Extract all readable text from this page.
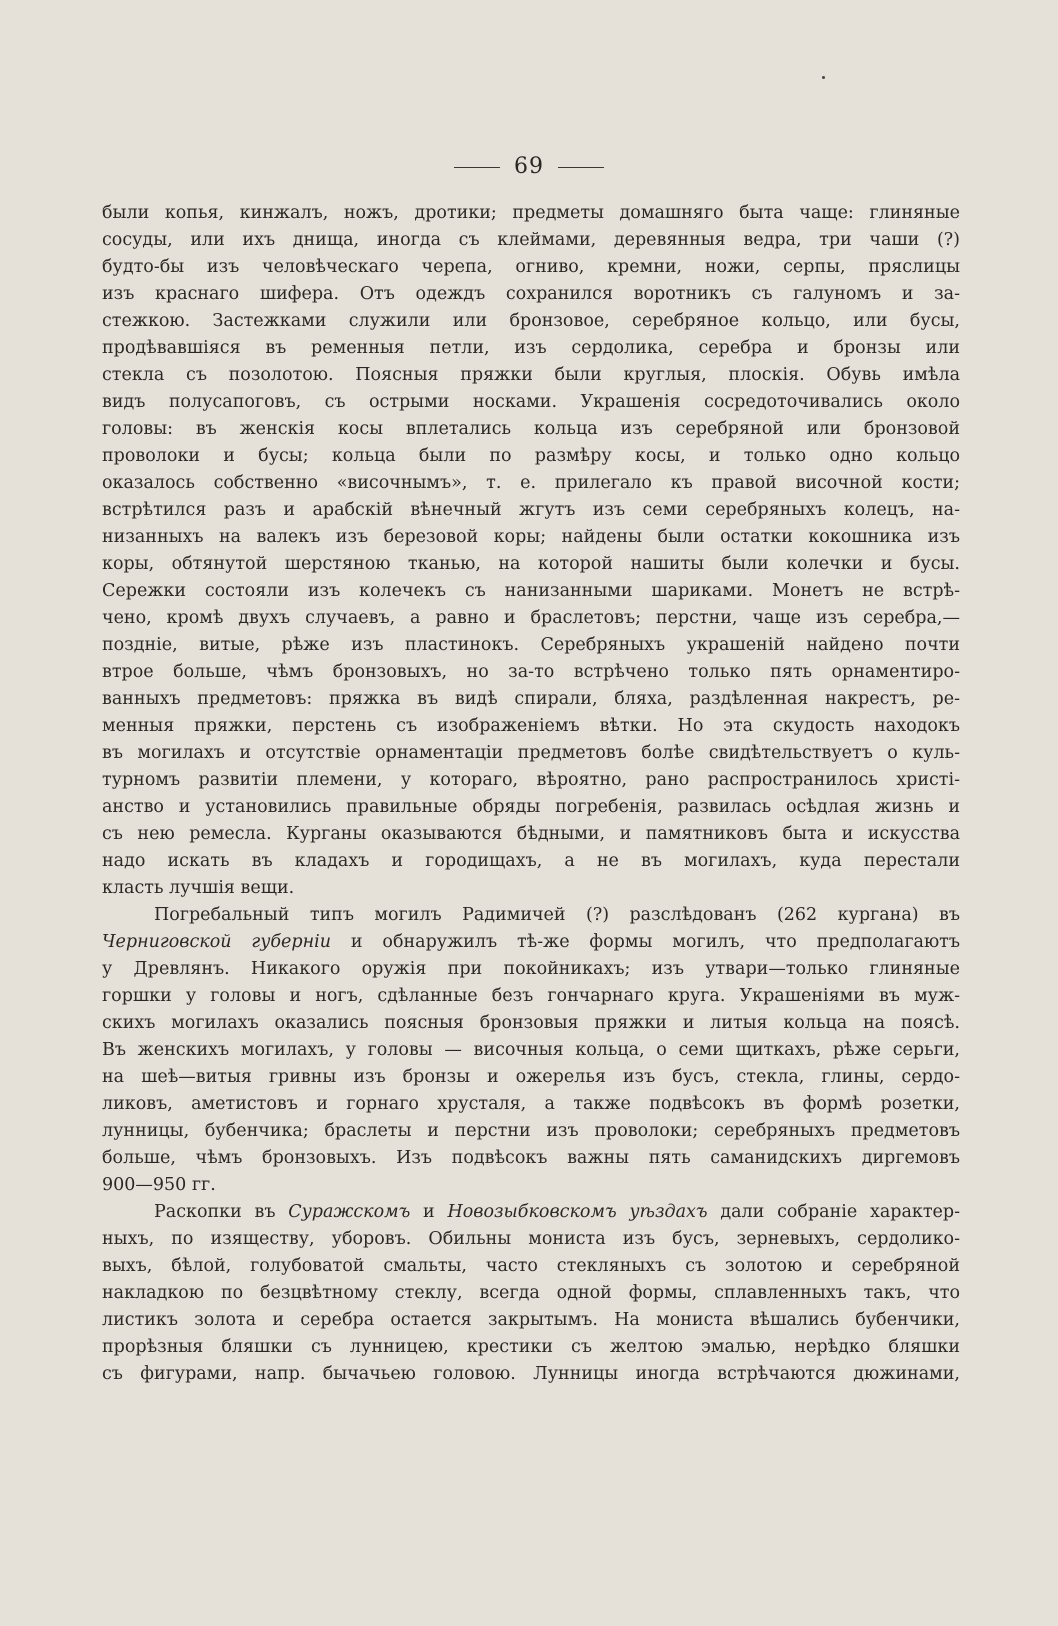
69
были копья, кинжалъ, ножъ, дротики; предметы домашняго быта чаще: глиняные
сосуды, или ихъ днища, иногда съ клеймами, деревянныя ведра, три чаши (?)
будто-бы изъ человѣческаго черепа, огниво, кремни, ножи, серпы, пряслицы
изъ краснаго шифера. Отъ одеждъ сохранился воротникъ съ галуномъ и за-
стежкою. Застежками служили или бронзовое, серебряное кольцо, или бусы,
продѣвавшіяся въ ременныя петли, изъ сердолика, серебра и бронзы или
стекла съ позолотою. Поясныя пряжки были круглыя, плоскія. Обувь имѣла
видъ полусапоговъ, съ острыми носками. Украшенія сосредоточивались около
головы: въ женскія косы вплетались кольца изъ серебряной или бронзовой
проволоки и бусы; кольца были по размѣру косы, и только одно кольцо
оказалось собственно «височнымъ», т. е. прилегало къ правой височной кости;
встрѣтился разъ и арабскій вѣнечный жгутъ изъ семи серебряныхъ колецъ, на-
низанныхъ на валекъ изъ березовой коры; найдены были остатки кокошника изъ
коры, обтянутой шерстяною тканью, на которой нашиты были колечки и бусы.
Сережки состояли изъ колечекъ съ нанизанными шариками. Монетъ не встрѣ-
чено, кромѣ двухъ случаевъ, а равно и браслетовъ; перстни, чаще изъ серебра,—
поздніе, витые, рѣже изъ пластинокъ. Серебряныхъ украшеній найдено почти
втрое больше, чѣмъ бронзовыхъ, но за-то встрѣчено только пять орнаментиро-
ванныхъ предметовъ: пряжка въ видѣ спирали, бляха, раздѣленная накрестъ, ре-
менныя пряжки, перстень съ изображеніемъ вѣтки. Но эта скудость находокъ
въ могилахъ и отсутствіе орнаментаціи предметовъ болѣе свидѣтельствуетъ о куль-
турномъ развитіи племени, у котораго, вѣроятно, рано распространилось христі-
анство и установились правильные обряды погребенія, развилась осѣдлая жизнь и
съ нею ремесла. Курганы оказываются бѣдными, и памятниковъ быта и искусства
надо искать въ кладахъ и городищахъ, а не въ могилахъ, куда перестали
класть лучшія вещи.
Погребальный типъ могилъ Радимичей (?) разслѣдованъ (262 кургана) въ
Черниговской губерніи и обнаружилъ тѣ-же формы могилъ, что предполагаютъ
у Древлянъ. Никакого оружія при покойникахъ; изъ утвари—только глиняные
горшки у головы и ногъ, сдѣланные безъ гончарнаго круга. Украшеніями въ муж-
скихъ могилахъ оказались поясныя бронзовыя пряжки и литыя кольца на поясѣ.
Въ женскихъ могилахъ, у головы — височныя кольца, о семи щиткахъ, рѣже серьги,
на шеѣ—витыя гривны изъ бронзы и ожерелья изъ бусъ, стекла, глины, сердо-
ликовъ, аметистовъ и горнаго хрусталя, а также подвѣсокъ въ формѣ розетки,
лунницы, бубенчика; браслеты и перстни изъ проволоки; серебряныхъ предметовъ
больше, чѣмъ бронзовыхъ. Изъ подвѣсокъ важны пять саманидскихъ диргемовъ
900—950 гг.
Раскопки въ Суражскомъ и Новозыбковскомъ уѣздахъ дали собраніе характер-
ныхъ, по изяществу, уборовъ. Обильны мониста изъ бусъ, зерневыхъ, сердолико-
выхъ, бѣлой, голубоватой смальты, часто стекляныхъ съ золотою и серебряной
накладкою по безцвѣтному стеклу, всегда одной формы, сплавленныхъ такъ, что
листикъ золота и серебра остается закрытымъ. На мониста вѣшались бубенчики,
прорѣзныя бляшки съ лунницею, крестики съ желтою эмалью, нерѣдко бляшки
съ фигурами, напр. бычачьею головою. Лунницы иногда встрѣчаются дюжинами,
